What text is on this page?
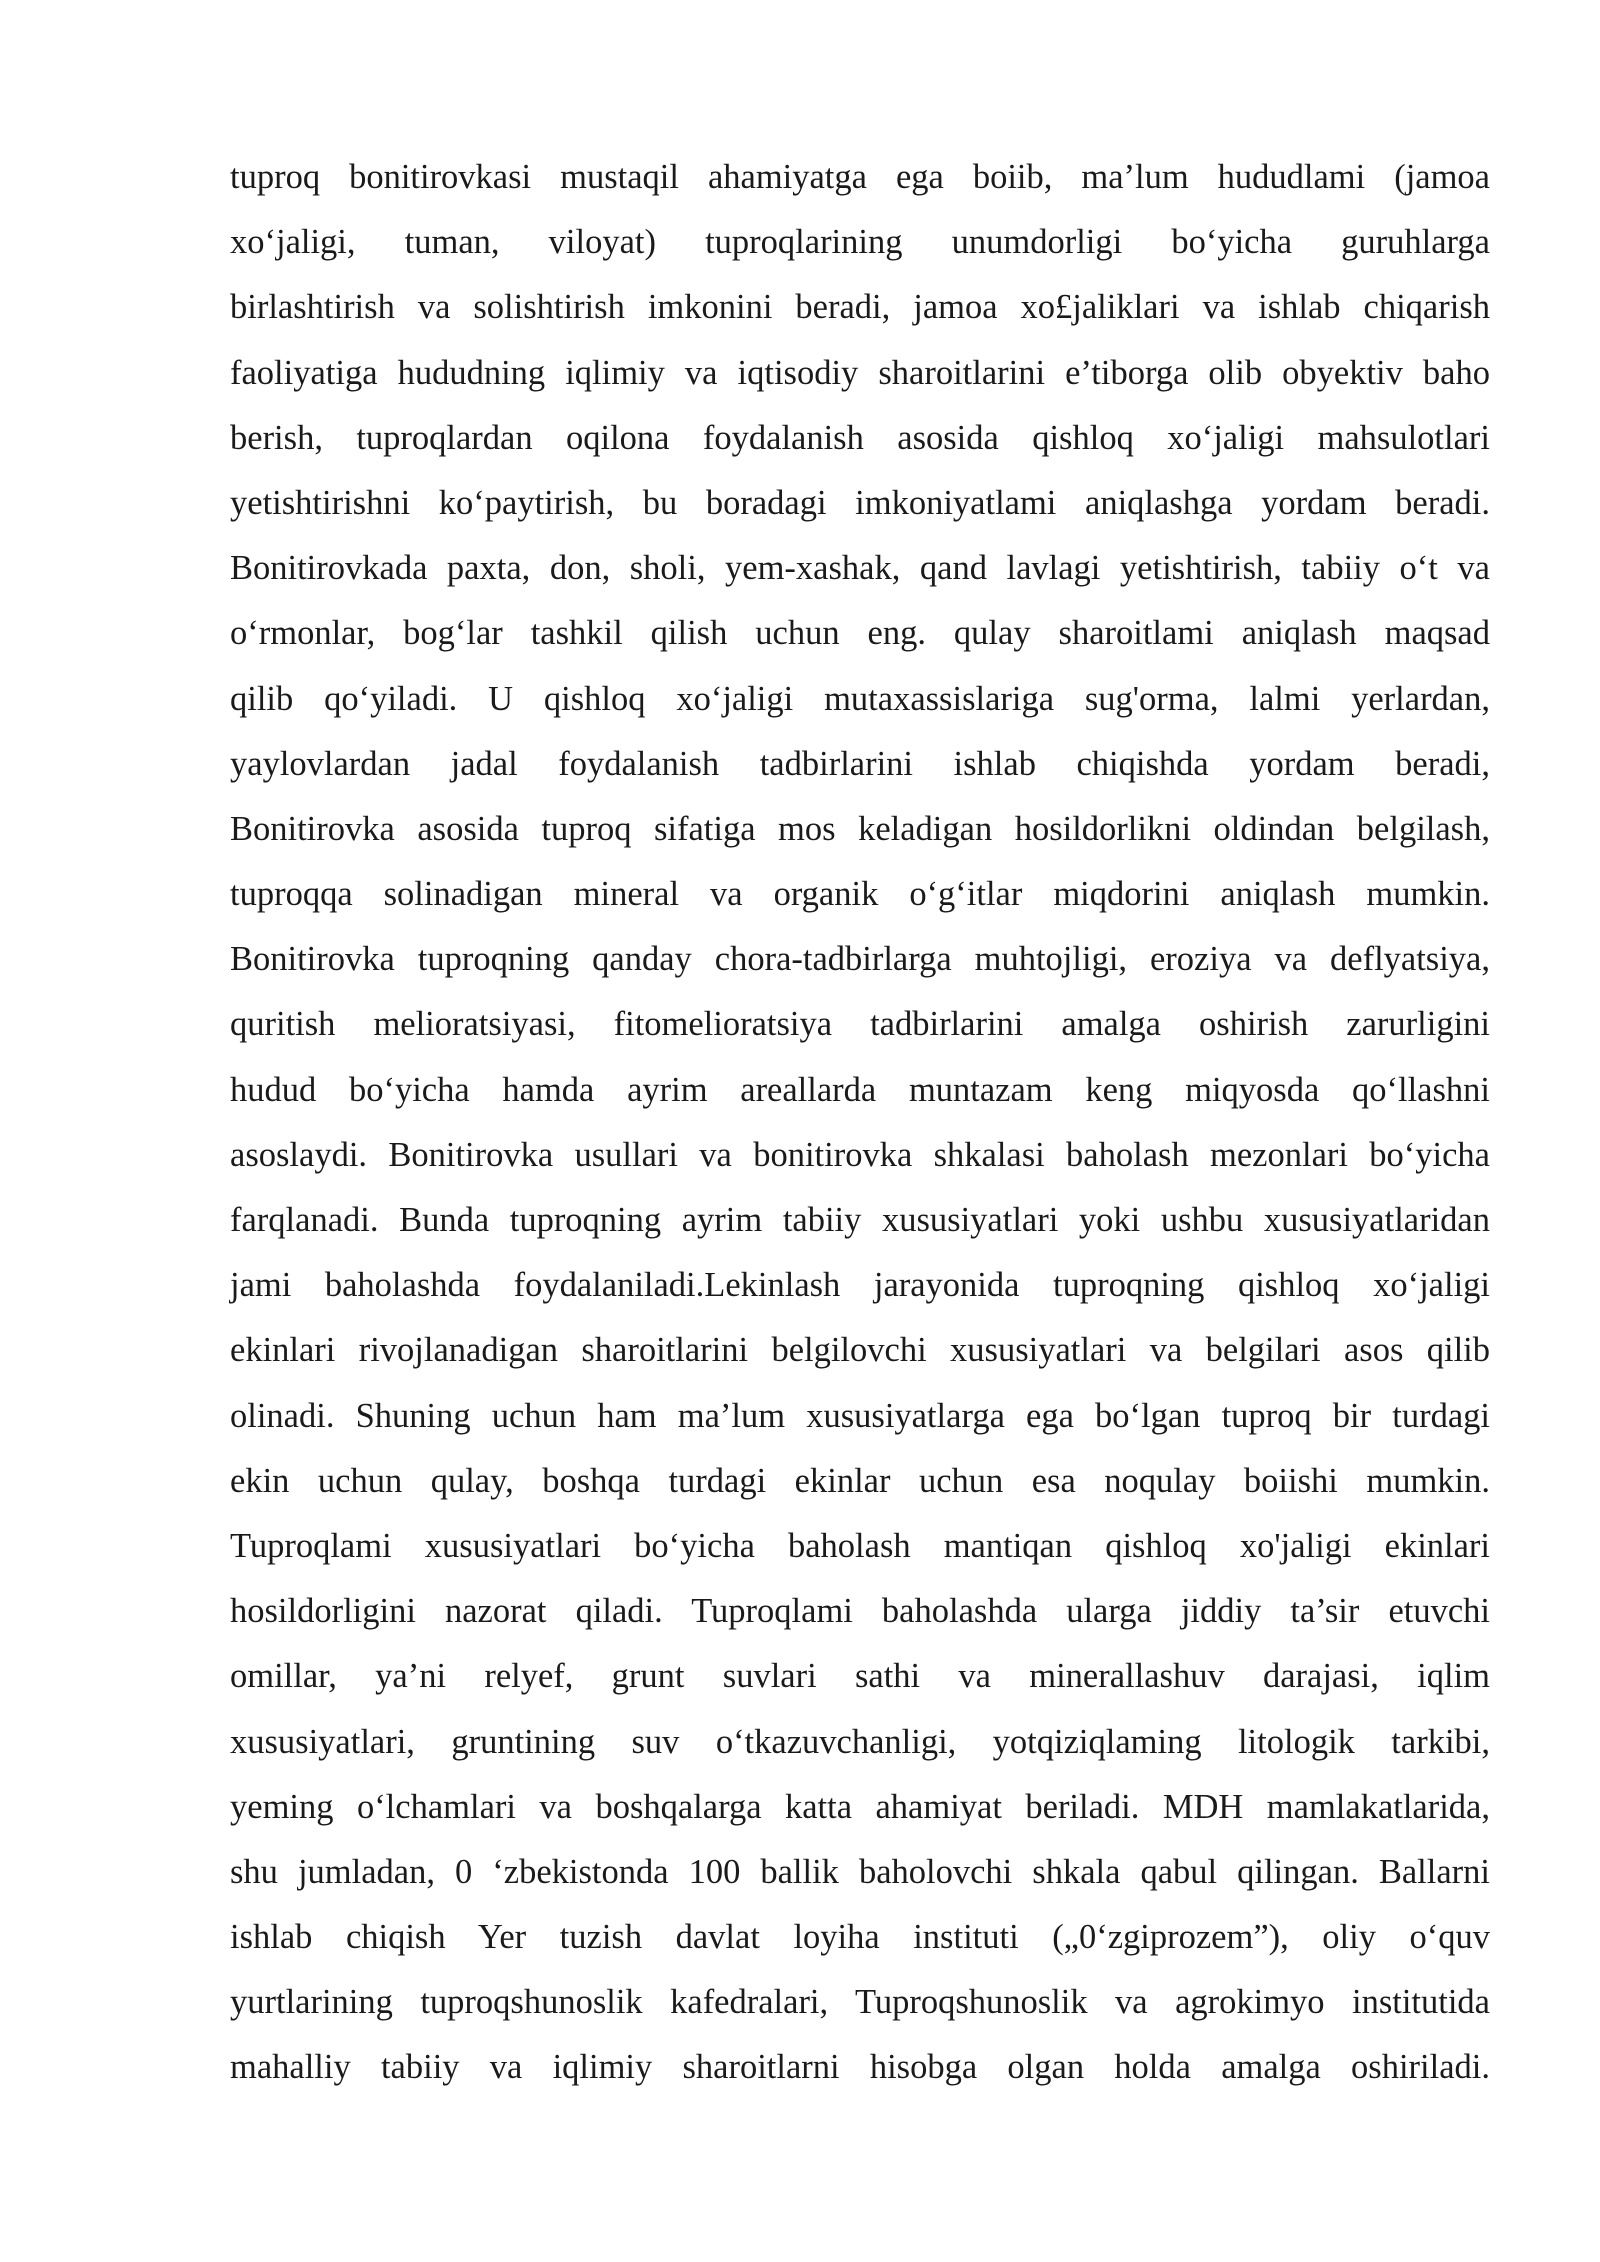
tuproq bonitirovkasi mustaqil ahamiyatga ega boiib, ma’lum hududlami (jamoa
xo‘jaligi, tuman, viloyat) tuproqlarining unumdorligi bo‘yicha guruhlarga
birlashtirish va solishtirish imkonini beradi, jamoa xo£jaliklari va ishlab chiqarish
faoliyatiga hududning iqlimiy va iqtisodiy sharoitlarini e’tiborga olib obyektiv baho
berish, tuproqlardan oqilona foydalanish asosida qishloq xo‘jaligi mahsulotlari
yetishtirishni ko‘paytirish, bu boradagi imkoniyatlami aniqlashga yordam beradi.
Bonitirovkada paxta, don, sholi, yem-xashak, qand lavlagi yetishtirish, tabiiy o‘t va
o‘rmonlar, bog‘lar tashkil qilish uchun eng. qulay sharoitlami aniqlash maqsad
qilib qo‘yiladi. U qishloq xo‘jaligi mutaxassislariga sug'orma, lalmi yerlardan,
yaylovlardan jadal foydalanish tadbirlarini ishlab chiqishda yordam beradi,
Bonitirovka asosida tuproq sifatiga mos keladigan hosildorlikni oldindan belgilash,
tuproqqa solinadigan mineral va organik o‘g‘itlar miqdorini aniqlash mumkin.
Bonitirovka tuproqning qanday chora-tadbirlarga muhtojligi, eroziya va deflyatsiya,
quritish melioratsiyasi, fitomelioratsiya tadbirlarini amalga oshirish zarurligini
hudud bo‘yicha hamda ayrim areallarda muntazam keng miqyosda qo‘llashni
asoslaydi. Bonitirovka usullari va bonitirovka shkalasi baholash mezonlari bo‘yicha
farqlanadi. Bunda tuproqning ayrim tabiiy xususiyatlari yoki ushbu xususiyatlaridan
jami baholashda foydalaniladi.Lekinlash jarayonida tuproqning qishloq xo‘jaligi
ekinlari rivojlanadigan sharoitlarini belgilovchi xususiyatlari va belgilari asos qilib
olinadi. Shuning uchun ham ma’lum xususiyatlarga ega bo‘lgan tuproq bir turdagi
ekin uchun qulay, boshqa turdagi ekinlar uchun esa noqulay boiishi mumkin.
Tuproqlami xususiyatlari bo‘yicha baholash mantiqan qishloq xo'jaligi ekinlari
hosildorligini nazorat qiladi. Tuproqlami baholashda ularga jiddiy ta’sir etuvchi
omillar, ya’ni relyef, grunt suvlari sathi va minerallashuv darajasi, iqlim
xususiyatlari, gruntining suv o‘tkazuvchanligi, yotqiziqlaming litologik tarkibi,
yeming o‘lchamlari va boshqalarga katta ahamiyat beriladi. MDH mamlakatlarida,
shu jumladan, 0 ‘zbekistonda 100 ballik baholovchi shkala qabul qilingan. Ballarni
ishlab chiqish Yer tuzish davlat loyiha instituti („0‘zgiprozem”), oliy o‘quv
yurtlarining tuproqshunoslik kafedralari, Tuproqshunoslik va agrokimyo institutida
mahalliy tabiiy va iqlimiy sharoitlarni hisobga olgan holda amalga oshiriladi.
